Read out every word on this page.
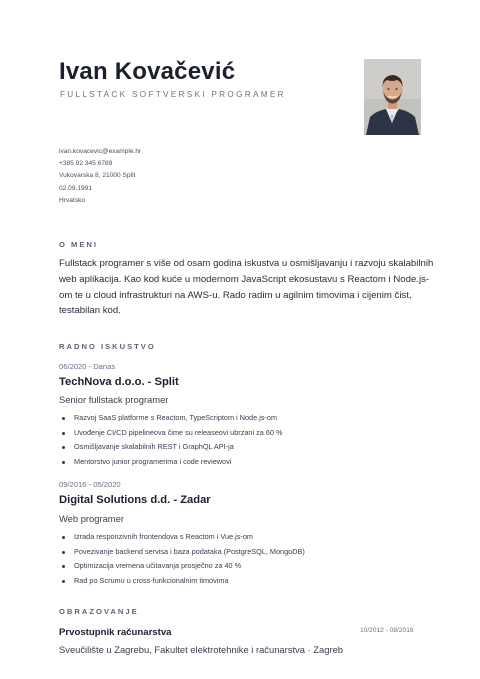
Ivan Kovačević
FULLSTACK SOFTVERSKI PROGRAMER
ivan.kovacevic@example.hr
+385 92 345 6789
Vukovarska 8, 21000 Split
02.09.1991
Hrvatsko
O MENI

Fullstack programer s više od osam godina iskustva u osmišljavanju i razvoju skalabilnih web aplikacija. Kao kod kuće u modernom JavaScript ekosustavu s Reactom i Node.js-om te u cloud infrastrukturi na AWS-u. Rado radim u agilnim timovima i cijenim čist, testabilan kod.

RADNO ISKUSTVO
06/2020 - Danas
TechNova d.o.o. - Split
Senior fullstack programer
Razvoj SaaS platforme s Reactom, TypeScriptom i Node.js-om
Uvođenje CI/CD pipelineova čime su releaseovi ubrzani za 60 %
Osmišljavanje skalabilnih REST i GraphQL API-ja
Mentorstvo junior programerima i code reviewovi
09/2016 - 05/2020
Digital Solutions d.d. - Zadar
Web programer
Izrada responzivnih frontendova s Reactom i Vue.js-om
Povezivanje backend servisa i baza podataka (PostgreSQL, MongoDB)
Optimizacija vremena učitavanja prosječno za 40 %
Rad po Scrumu u cross-funkcionalnim timovima
OBRAZOVANJE
Prvostupnik računarstva	10/2012 - 08/2016
Sveučilište u Zagrebu, Fakultet elektrotehnike i računarstva · Zagreb
